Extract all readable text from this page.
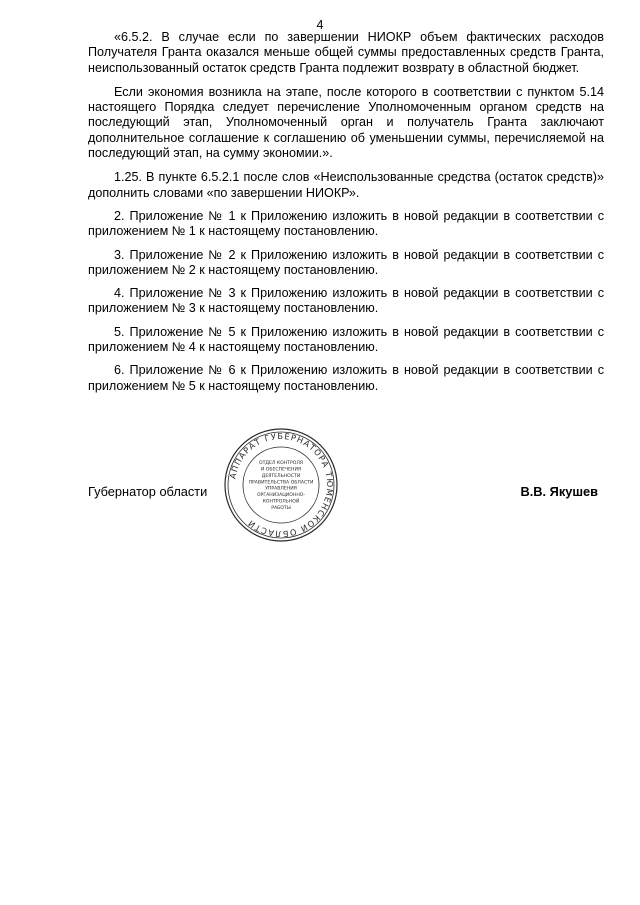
4

«6.5.2. В случае если по завершении НИОКР объем фактических расходов Получателя Гранта оказался меньше общей суммы предоставленных средств Гранта, неиспользованный остаток средств Гранта подлежит возврату в областной бюджет.

Если экономия возникла на этапе, после которого в соответствии с пунктом 5.14 настоящего Порядка следует перечисление Уполномоченным органом средств на последующий этап, Уполномоченный орган и получатель Гранта заключают дополнительное соглашение к соглашению об уменьшении суммы, перечисляемой на последующий этап, на сумму экономии.».

1.25. В пункте 6.5.2.1 после слов «Неиспользованные средства (остаток средств)» дополнить словами «по завершении НИОКР».

2. Приложение № 1 к Приложению изложить в новой редакции в соответствии с приложением № 1 к настоящему постановлению.

3. Приложение № 2 к Приложению изложить в новой редакции в соответствии с приложением № 2 к настоящему постановлению.

4. Приложение № 3 к Приложению изложить в новой редакции в соответствии с приложением № 3 к настоящему постановлению.

5. Приложение № 5 к Приложению изложить в новой редакции в соответствии с приложением № 4 к настоящему постановлению.

6. Приложение № 6 к Приложению изложить в новой редакции в соответствии с приложением № 5 к настоящему постановлению.

Губернатор области	В.В. Якушев
АППАРАТ ГУБЕРНАТОРА ТЮМЕНСКОЙ ОБЛАСТИ
ОТДЕЛ КОНТРОЛЯ
И ОБЕСПЕЧЕНИЯ
ДЕЯТЕЛЬНОСТИ
ПРАВИТЕЛЬСТВА ОБЛАСТИ
УПРАВЛЕНИЯ
ОРГАНИЗАЦИОННО-
КОНТРОЛЬНОЙ
РАБОТЫ
